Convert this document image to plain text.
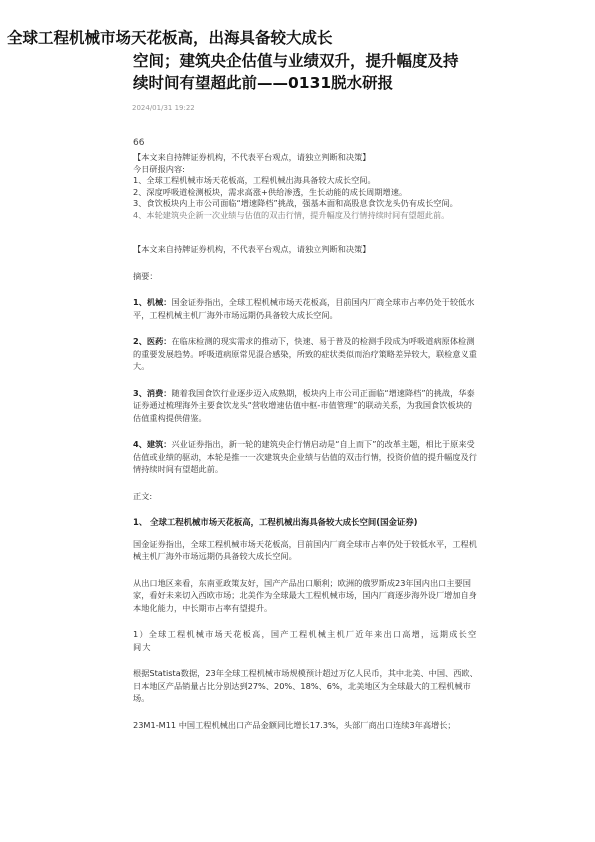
全球工程机械市场天花板高，出海具备较大成长
空间；建筑央企估值与业绩双升，提升幅度及持
续时间有望超此前——0131脱水研报
2024/01/31 19:22
66
【本文来自持牌证券机构，不代表平台观点，请独立判断和决策】
今日研报内容:
1、全球工程机械市场天花板高，工程机械出海具备较大成长空间。
2、深度呼吸道检测板块，需求高涨+供给渗透，生长动能的成长周期增速。
3、食饮板块内上市公司面临“增速降档”挑战，强基本面和高股息食饮龙头仍有成长空间。
4、本轮建筑央企新一次业绩与估值的双击行情，提升幅度及行情持续时间有望超此前。

【本文来自持牌证券机构，不代表平台观点，请独立判断和决策】

摘要：

1、机械：国金证券指出，全球工程机械市场天花板高，目前国内厂商全球市占率仍处于较低水平，工程机械主机厂海外市场远期仍具备较大成长空间。

2、医药：在临床检测的现实需求的推动下，快速、易于普及的检测手段成为呼吸道病原体检测的重要发展趋势。呼吸道病原常见混合感染，所致的症状类似而治疗策略差异较大，联检意义重大。

3、消费：随着我国食饮行业逐步迈入成熟期，板块内上市公司正面临“增速降档”的挑战，华泰证券通过梳理海外主要食饮龙头“营收增速估值中枢-市值管理”的联动关系，为我国食饮板块的估值重构提供借鉴。

4、建筑：兴业证券指出，新一轮的建筑央企行情启动是“自上而下”的改革主题，相比于原来受估值或业绩的驱动，本轮是推一一次建筑央企业绩与估值的双击行情，投资价值的提升幅度及行情持续时间有望超此前。

正文:

1、 全球工程机械市场天花板高，工程机械出海具备较大成长空间(国金证券)

国金证券指出，全球工程机械市场天花板高，目前国内厂商全球市占率仍处于较低水平，工程机械主机厂海外市场远期仍具备较大成长空间。

从出口地区来看，东南亚政策友好，国产产品出口顺利；欧洲的俄罗斯成23年国内出口主要国家，看好未来切入西欧市场；北美作为全球最大工程机械市场，国内厂商逐步海外设厂增加自身本地化能力，中长期市占率有望提升。

1）全球工程机械市场天花板高，国产工程机械主机厂近年来出口高增，远期成长空间大

根据Statista数据，23年全球工程机械市场规模预计超过万亿人民币，其中北美、中国、西欧、日本地区产品销量占比分别达到27%、20%、18%、6%，北美地区为全球最大的工程机械市场。

23M1-M11 中国工程机械出口产品金额同比增长17.3%，头部厂商出口连续3年高增长；
